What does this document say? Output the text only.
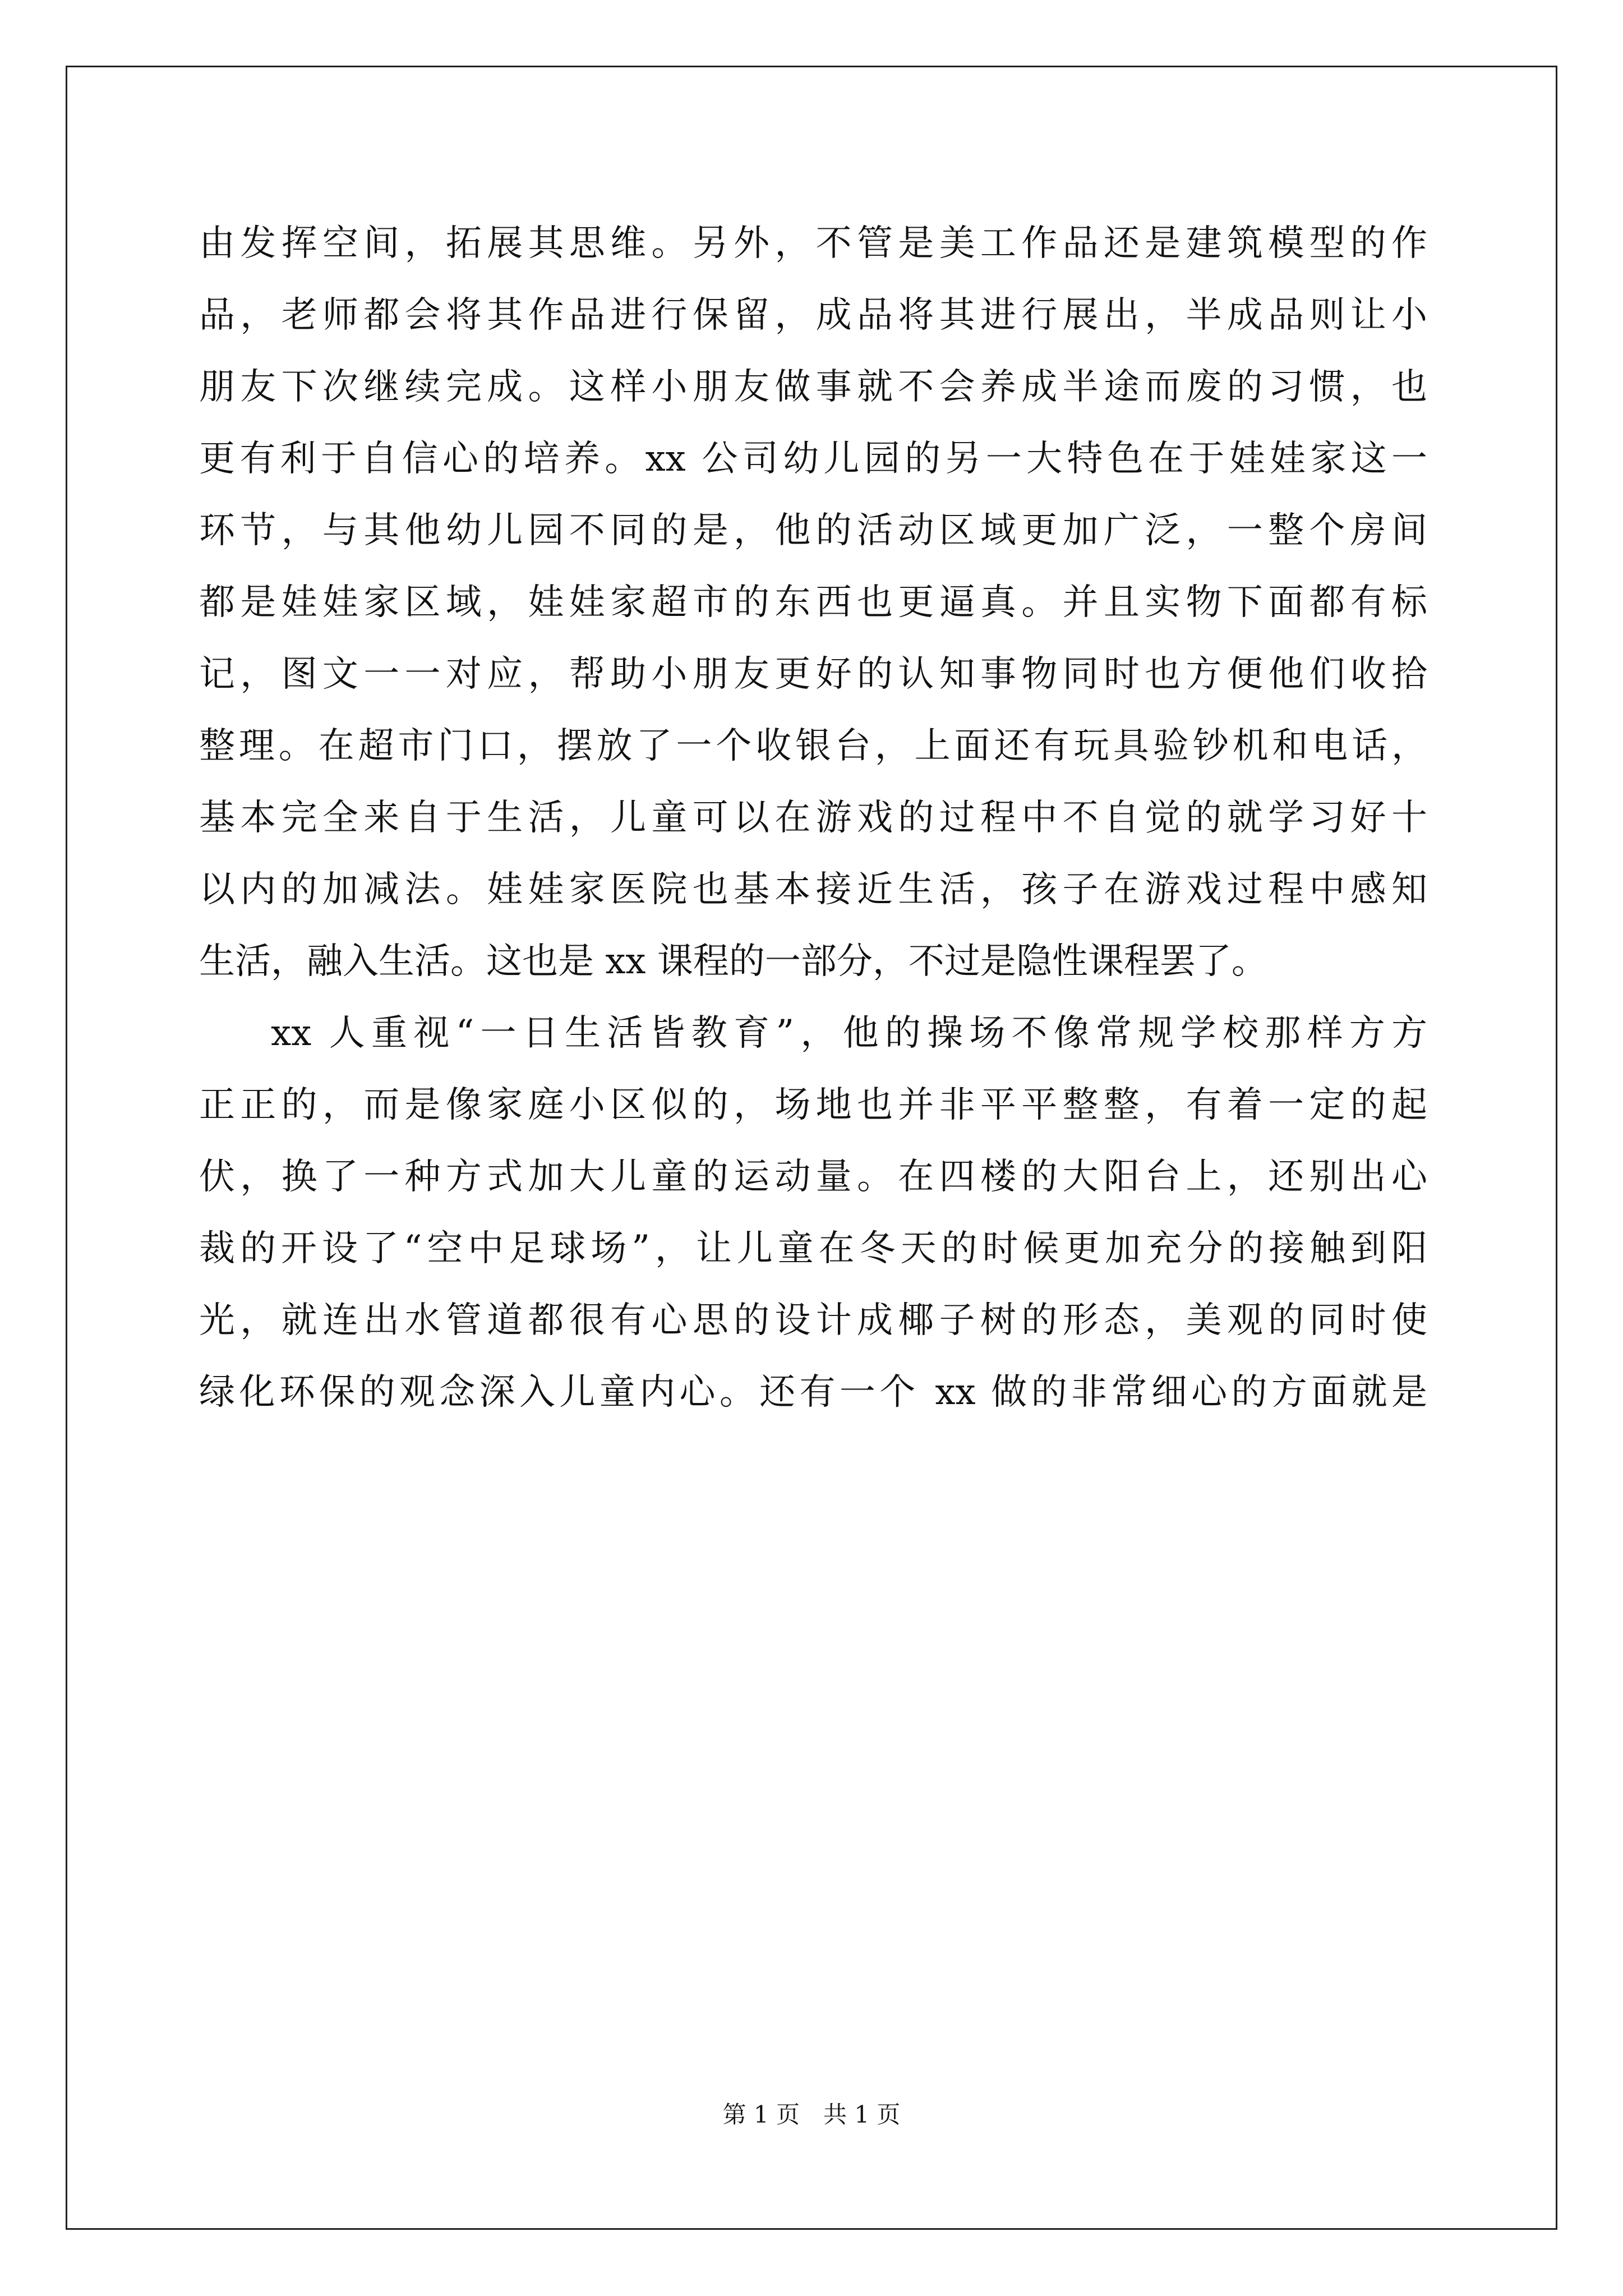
由发挥空间，拓展其思维。另外，不管是美工作品还是建筑模型的作
品，老师都会将其作品进行保留，成品将其进行展出，半成品则让小
朋友下次继续完成。这样小朋友做事就不会养成半途而废的习惯，也
更有利于自信心的培养。xx 公司幼儿园的另一大特色在于娃娃家这一
环节，与其他幼儿园不同的是，他的活动区域更加广泛，一整个房间
都是娃娃家区域，娃娃家超市的东西也更逼真。并且实物下面都有标
记，图文一一对应，帮助小朋友更好的认知事物同时也方便他们收拾
整理。在超市门口，摆放了一个收银台，上面还有玩具验钞机和电话，
基本完全来自于生活，儿童可以在游戏的过程中不自觉的就学习好十
以内的加减法。娃娃家医院也基本接近生活，孩子在游戏过程中感知
生活，融入生活。这也是 xx 课程的一部分，不过是隐性课程罢了。
xx 人重视“一日生活皆教育”，他的操场不像常规学校那样方方
正正的，而是像家庭小区似的，场地也并非平平整整，有着一定的起
伏，换了一种方式加大儿童的运动量。在四楼的大阳台上，还别出心
裁的开设了“空中足球场”，让儿童在冬天的时候更加充分的接触到阳
光，就连出水管道都很有心思的设计成椰子树的形态，美观的同时使
绿化环保的观念深入儿童内心。还有一个 xx 做的非常细心的方面就是
第 1 页　共 1 页
